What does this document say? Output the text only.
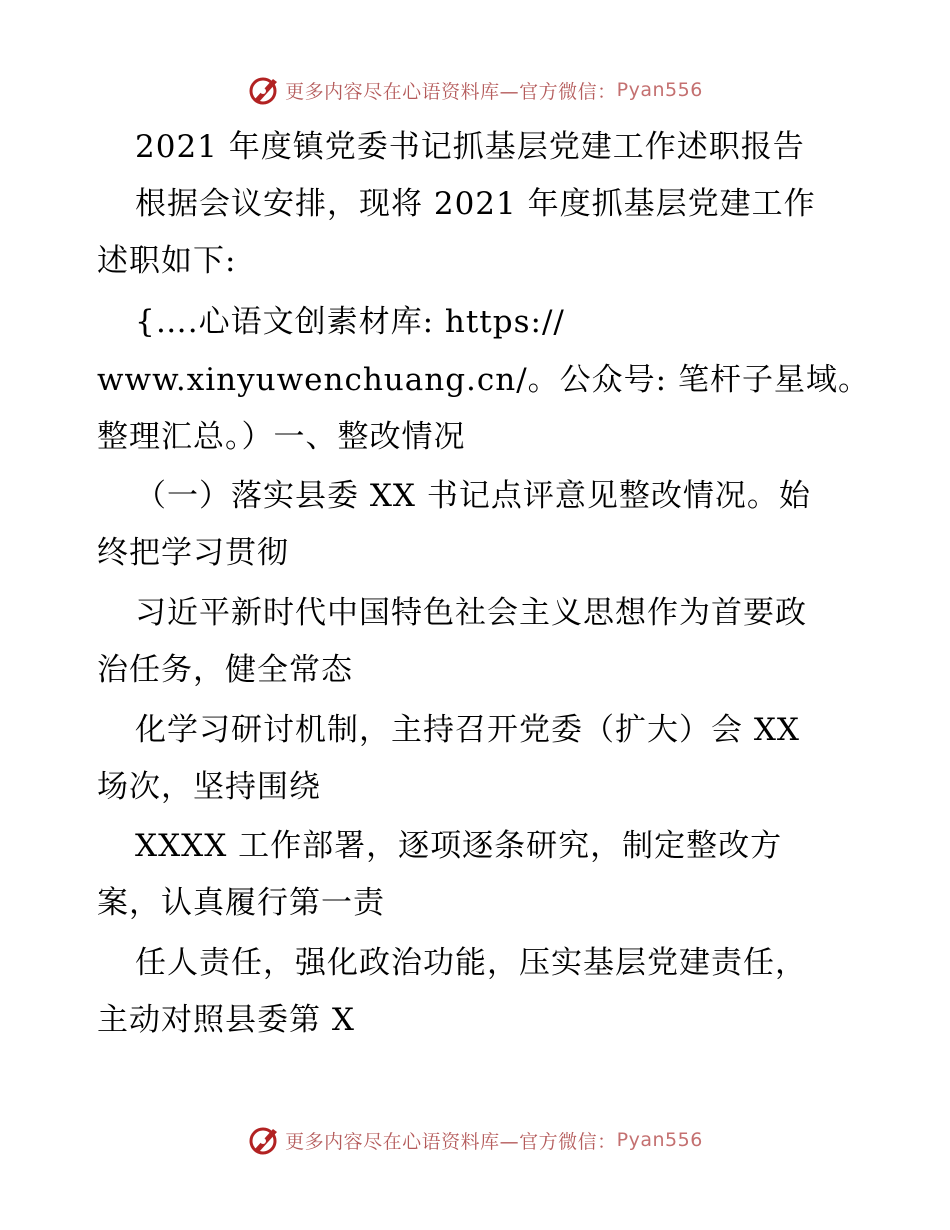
更多内容尽在心语资料库—官方微信： Pyan556
2021 年度镇党委书记抓基层党建工作述职报告
根据会议安排，现将 2021 年度抓基层党建工作
述职如下:
{….心语文创素材库: https://
www.xinyuwenchuang.cn/。公众号: 笔杆子星域。
整理汇总。）一、整改情况
（一）落实县委 XX 书记点评意见整改情况。始
终把学习贯彻
习近平新时代中国特色社会主义思想作为首要政
治任务，健全常态
化学习研讨机制，主持召开党委（扩大）会 XX
场次，坚持围绕
XXXX 工作部署，逐项逐条研究，制定整改方
案，认真履行第一责
任人责任，强化政治功能，压实基层党建责任，
主动对照县委第 X
更多内容尽在心语资料库—官方微信： Pyan556
